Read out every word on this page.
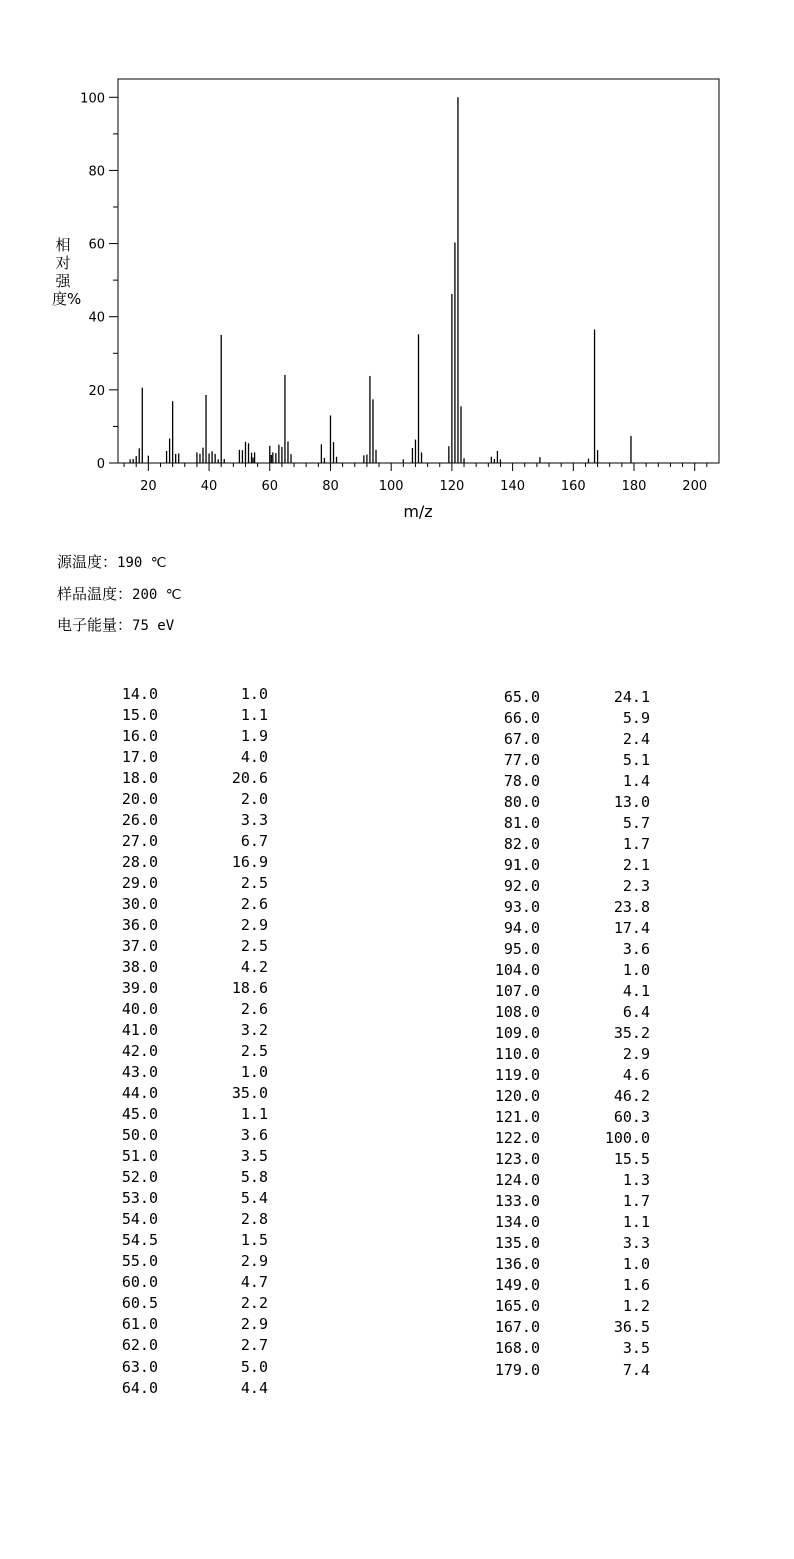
0
20
40
60
80
100
20	40	60	80	100	120	140	160	180	200
m/z
相对强度%
源温度：190 ℃
样品温度：200 ℃
电子能量：75 eV
14.0	1.0
15.0	1.1
16.0	1.9
17.0	4.0
18.0	20.6
20.0	2.0
26.0	3.3
27.0	6.7
28.0	16.9
29.0	2.5
30.0	2.6
36.0	2.9
37.0	2.5
38.0	4.2
39.0	18.6
40.0	2.6
41.0	3.2
42.0	2.5
43.0	1.0
44.0	35.0
45.0	1.1
50.0	3.6
51.0	3.5
52.0	5.8
53.0	5.4
54.0	2.8
54.5	1.5
55.0	2.9
60.0	4.7
60.5	2.2
61.0	2.9
62.0	2.7
63.0	5.0
64.0	4.4
65.0	24.1
66.0	5.9
67.0	2.4
77.0	5.1
78.0	1.4
80.0	13.0
81.0	5.7
82.0	1.7
91.0	2.1
92.0	2.3
93.0	23.8
94.0	17.4
95.0	3.6
104.0	1.0
107.0	4.1
108.0	6.4
109.0	35.2
110.0	2.9
119.0	4.6
120.0	46.2
121.0	60.3
122.0	100.0
123.0	15.5
124.0	1.3
133.0	1.7
134.0	1.1
135.0	3.3
136.0	1.0
149.0	1.6
165.0	1.2
167.0	36.5
168.0	3.5
179.0	7.4
